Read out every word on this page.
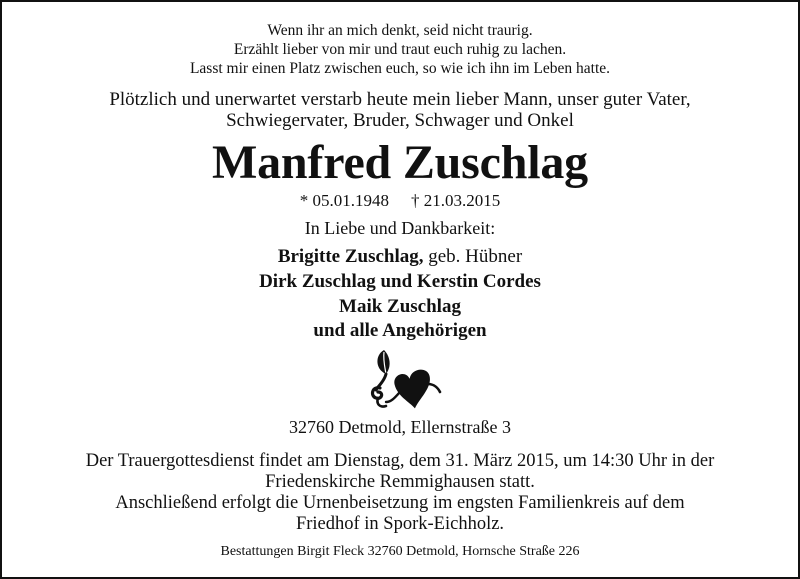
Wenn ihr an mich denkt, seid nicht traurig.
Erzählt lieber von mir und traut euch ruhig zu lachen.
Lasst mir einen Platz zwischen euch, so wie ich ihn im Leben hatte.
Plötzlich und unerwartet verstarb heute mein lieber Mann, unser guter Vater,
Schwiegervater, Bruder, Schwager und Onkel
Manfred Zuschlag
* 05.01.1948 † 21.03.2015
In Liebe und Dankbarkeit:
Brigitte Zuschlag, geb. Hübner
Dirk Zuschlag und Kerstin Cordes
Maik Zuschlag
und alle Angehörigen
32760 Detmold, Ellernstraße 3
Der Trauergottesdienst findet am Dienstag, dem 31. März 2015, um 14:30 Uhr in der
Friedenskirche Remmighausen statt.
Anschließend erfolgt die Urnenbeisetzung im engsten Familienkreis auf dem
Friedhof in Spork-Eichholz.
Bestattungen Birgit Fleck 32760 Detmold, Hornsche Straße 226
